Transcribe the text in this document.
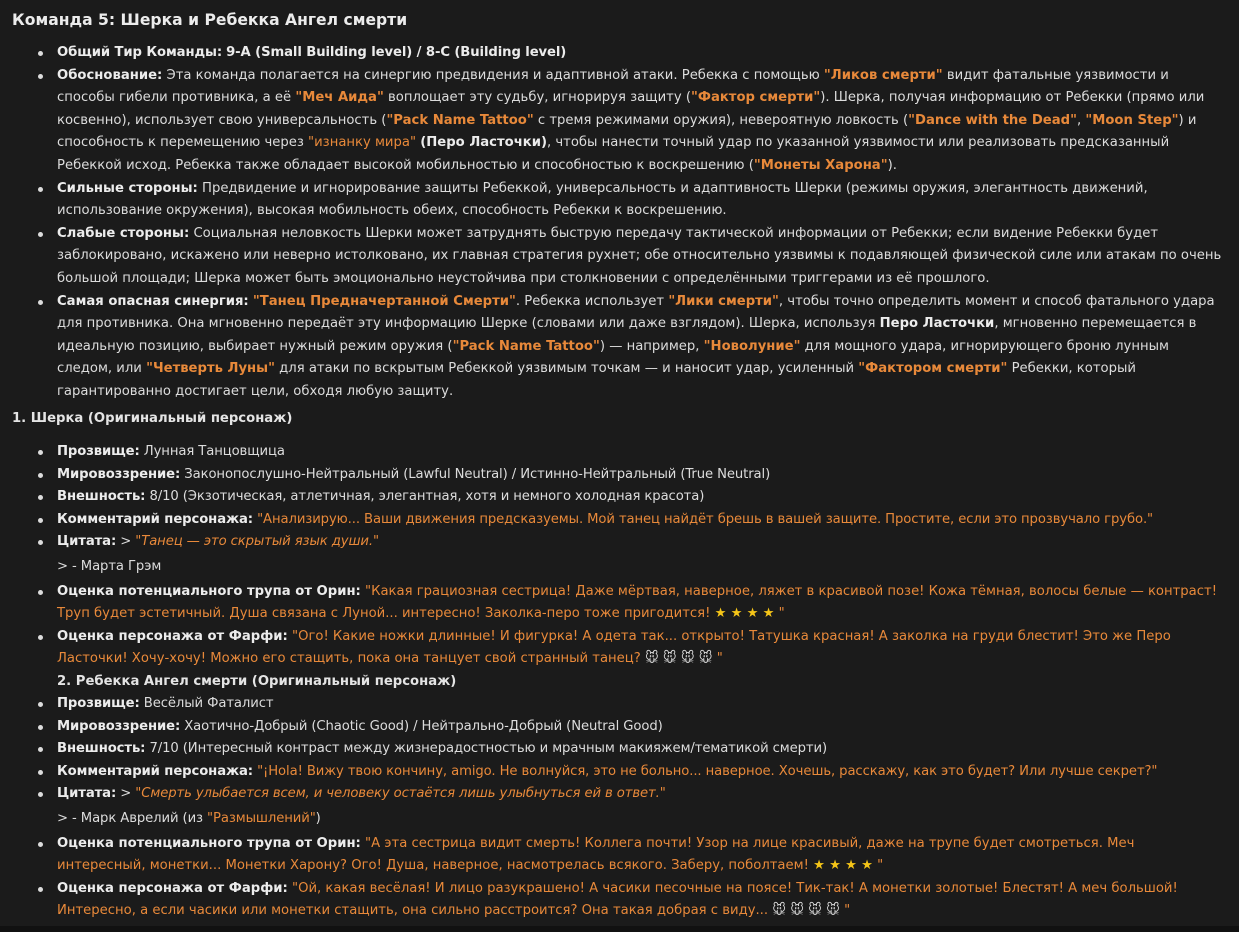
Команда 5: Шерка и Ребекка Ангел смерти
Общий Тир Команды: 9-A (Small Building level) / 8-C (Building level)
Обоснование: Эта команда полагается на синергию предвидения и адаптивной атаки. Ребекка с помощью "Ликов смерти" видит фатальные уязвимости и способы гибели противника, а её "Меч Аида" воплощает эту судьбу, игнорируя защиту ("Фактор смерти"). Шерка, получая информацию от Ребекки (прямо или косвенно), использует свою универсальность ("Pack Name Tattoo" с тремя режимами оружия), невероятную ловкость ("Dance with the Dead", "Moon Step") и способность к перемещению через "изнанку мира" (Перо Ласточки), чтобы нанести точный удар по указанной уязвимости или реализовать предсказанный Ребеккой исход. Ребекка также обладает высокой мобильностью и способностью к воскрешению ("Монеты Харона").
Сильные стороны: Предвидение и игнорирование защиты Ребеккой, универсальность и адаптивность Шерки (режимы оружия, элегантность движений, использование окружения), высокая мобильность обеих, способность Ребекки к воскрешению.
Слабые стороны: Социальная неловкость Шерки может затруднять быструю передачу тактической информации от Ребекки; если видение Ребекки будет заблокировано, искажено или неверно истолковано, их главная стратегия рухнет; обе относительно уязвимы к подавляющей физической силе или атакам по очень большой площади; Шерка может быть эмоционально неустойчива при столкновении с определёнными триггерами из её прошлого.
Самая опасная синергия: "Танец Предначертанной Смерти". Ребекка использует "Лики смерти", чтобы точно определить момент и способ фатального удара для противника. Она мгновенно передаёт эту информацию Шерке (словами или даже взглядом). Шерка, используя Перо Ласточки, мгновенно перемещается в идеальную позицию, выбирает нужный режим оружия ("Pack Name Tattoo") — например, "Новолуние" для мощного удара, игнорирующего броню лунным следом, или "Четверть Луны" для атаки по вскрытым Ребеккой уязвимым точкам — и наносит удар, усиленный "Фактором смерти" Ребекки, который гарантированно достигает цели, обходя любую защиту.
1. Шерка (Оригинальный персонаж)
Прозвище: Лунная Танцовщица
Мировоззрение: Законопослушно-Нейтральный (Lawful Neutral) / Истинно-Нейтральный (True Neutral)
Внешность: 8/10 (Экзотическая, атлетичная, элегантная, хотя и немного холодная красота)
Комментарий персонажа: "Анализирую... Ваши движения предсказуемы. Мой танец найдёт брешь в вашей защите. Простите, если это прозвучало грубо."
Цитата: > "Танец — это скрытый язык души."
> - Марта Грэм
Оценка потенциального трупа от Орин: "Какая грациозная сестрица! Даже мёртвая, наверное, ляжет в красивой позе! Кожа тёмная, волосы белые — контраст! Труп будет эстетичный. Душа связана с Луной... интересно! Заколка-перо тоже пригодится! ★ ★ ★ ★ "
Оценка персонажа от Фарфи: "Ого! Какие ножки длинные! И фигурка! А одета так... открыто! Татушка красная! А заколка на груди блестит! Это же Перо Ласточки! Хочу-хочу! Можно его стащить, пока она танцует свой странный танец? 🐭 🐭 🐭 🐭 "
2. Ребекка Ангел смерти (Оригинальный персонаж)
Прозвище: Весёлый Фаталист
Мировоззрение: Хаотично-Добрый (Chaotic Good) / Нейтрально-Добрый (Neutral Good)
Внешность: 7/10 (Интересный контраст между жизнерадостностью и мрачным макияжем/тематикой смерти)
Комментарий персонажа: "¡Hola! Вижу твою кончину, amigo. Не волнуйся, это не больно... наверное. Хочешь, расскажу, как это будет? Или лучше секрет?"
Цитата: > "Смерть улыбается всем, и человеку остаётся лишь улыбнуться ей в ответ."
> - Марк Аврелий (из "Размышлений")
Оценка потенциального трупа от Орин: "А эта сестрица видит смерть! Коллега почти! Узор на лице красивый, даже на трупе будет смотреться. Меч интересный, монетки... Монетки Харону? Ого! Душа, наверное, насмотрелась всякого. Заберу, поболтаем! ★ ★ ★ ★ "
Оценка персонажа от Фарфи: "Ой, какая весёлая! И лицо разукрашено! А часики песочные на поясе! Тик-так! А монетки золотые! Блестят! А меч большой! Интересно, а если часики или монетки стащить, она сильно расстроится? Она такая добрая с виду... 🐭 🐭 🐭 🐭 "
